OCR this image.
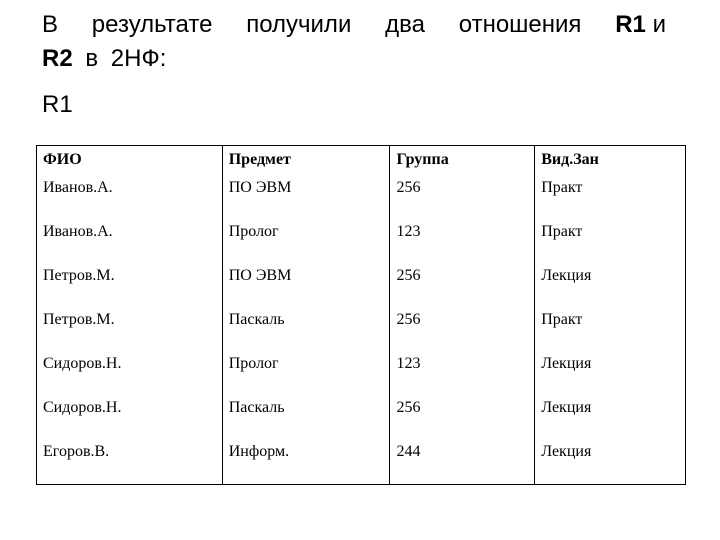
В результате получили два отношения R1 и
R2 в 2НФ:
R1
ФИО	Предмет	Группа	Вид.Зан
Иванов.А.	ПО ЭВМ	256	Практ
Иванов.А.	Пролог	123	Практ
Петров.М.	ПО ЭВМ	256	Лекция
Петров.М.	Паскаль	256	Практ
Сидоров.Н.	Пролог	123	Лекция
Сидоров.Н.	Паскаль	256	Лекция
Егоров.В.	Информ.	244	Лекция
